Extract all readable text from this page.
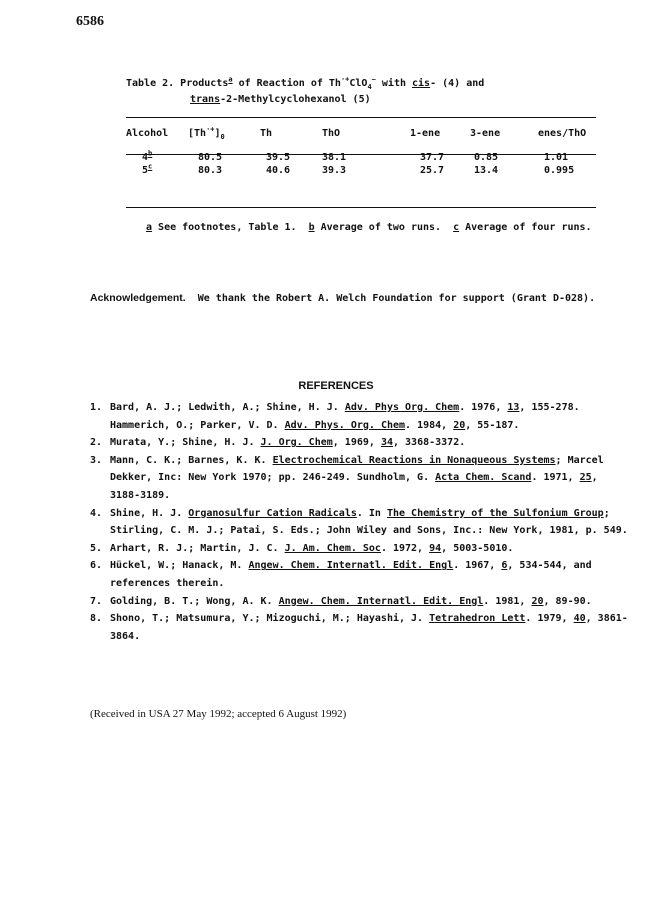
6586
Table 2. Products$^a$ of Reaction of Th·+ClO$_4$− with cis- (4) and
trans-2-Methylcyclohexanol (5)
Alcohol	$[Th^{\cdot+}]_0$	Th	ThO	1-ene	3-ene	enes/ThO

4$^b$	80.5	39.5	38.1	37.7	0.85	1.01
5$^c$	80.3	40.6	39.3	25.7	13.4	0.995
a See footnotes, Table 1. b Average of two runs. c Average of four runs.
Acknowledgement. We thank the Robert A. Welch Foundation for support (Grant D-028).
REFERENCES
1. Bard, A. J.; Ledwith, A.; Shine, H. J. Adv. Phys Org. Chem. 1976, 13, 155-278. Hammerich, O.; Parker, V. D. Adv. Phys. Org. Chem. 1984, 20, 55-187.
2. Murata, Y.; Shine, H. J. J. Org. Chem, 1969, 34, 3368-3372.
3. Mann, C. K.; Barnes, K. K. Electrochemical Reactions in Nonaqueous Systems; Marcel Dekker, Inc: New York 1970; pp. 246-249. Sundholm, G. Acta Chem. Scand. 1971, 25, 3188-3189.
4. Shine, H. J. Organosulfur Cation Radicals. In The Chemistry of the Sulfonium Group; Stirling, C. M. J.; Patai, S. Eds.; John Wiley and Sons, Inc.: New York, 1981, p. 549.
5. Arhart, R. J.; Martin, J. C. J. Am. Chem. Soc. 1972, 94, 5003-5010.
6. Hückel, W.; Hanack, M. Angew. Chem. Internatl. Edit. Engl. 1967, 6, 534-544, and references therein.
7. Golding, B. T.; Wong, A. K. Angew. Chem. Internatl. Edit. Engl. 1981, 20, 89-90.
8. Shono, T.; Matsumura, Y.; Mizoguchi, M.; Hayashi, J. Tetrahedron Lett. 1979, 40, 3861-3864.
(Received in USA 27 May 1992; accepted 6 August 1992)
